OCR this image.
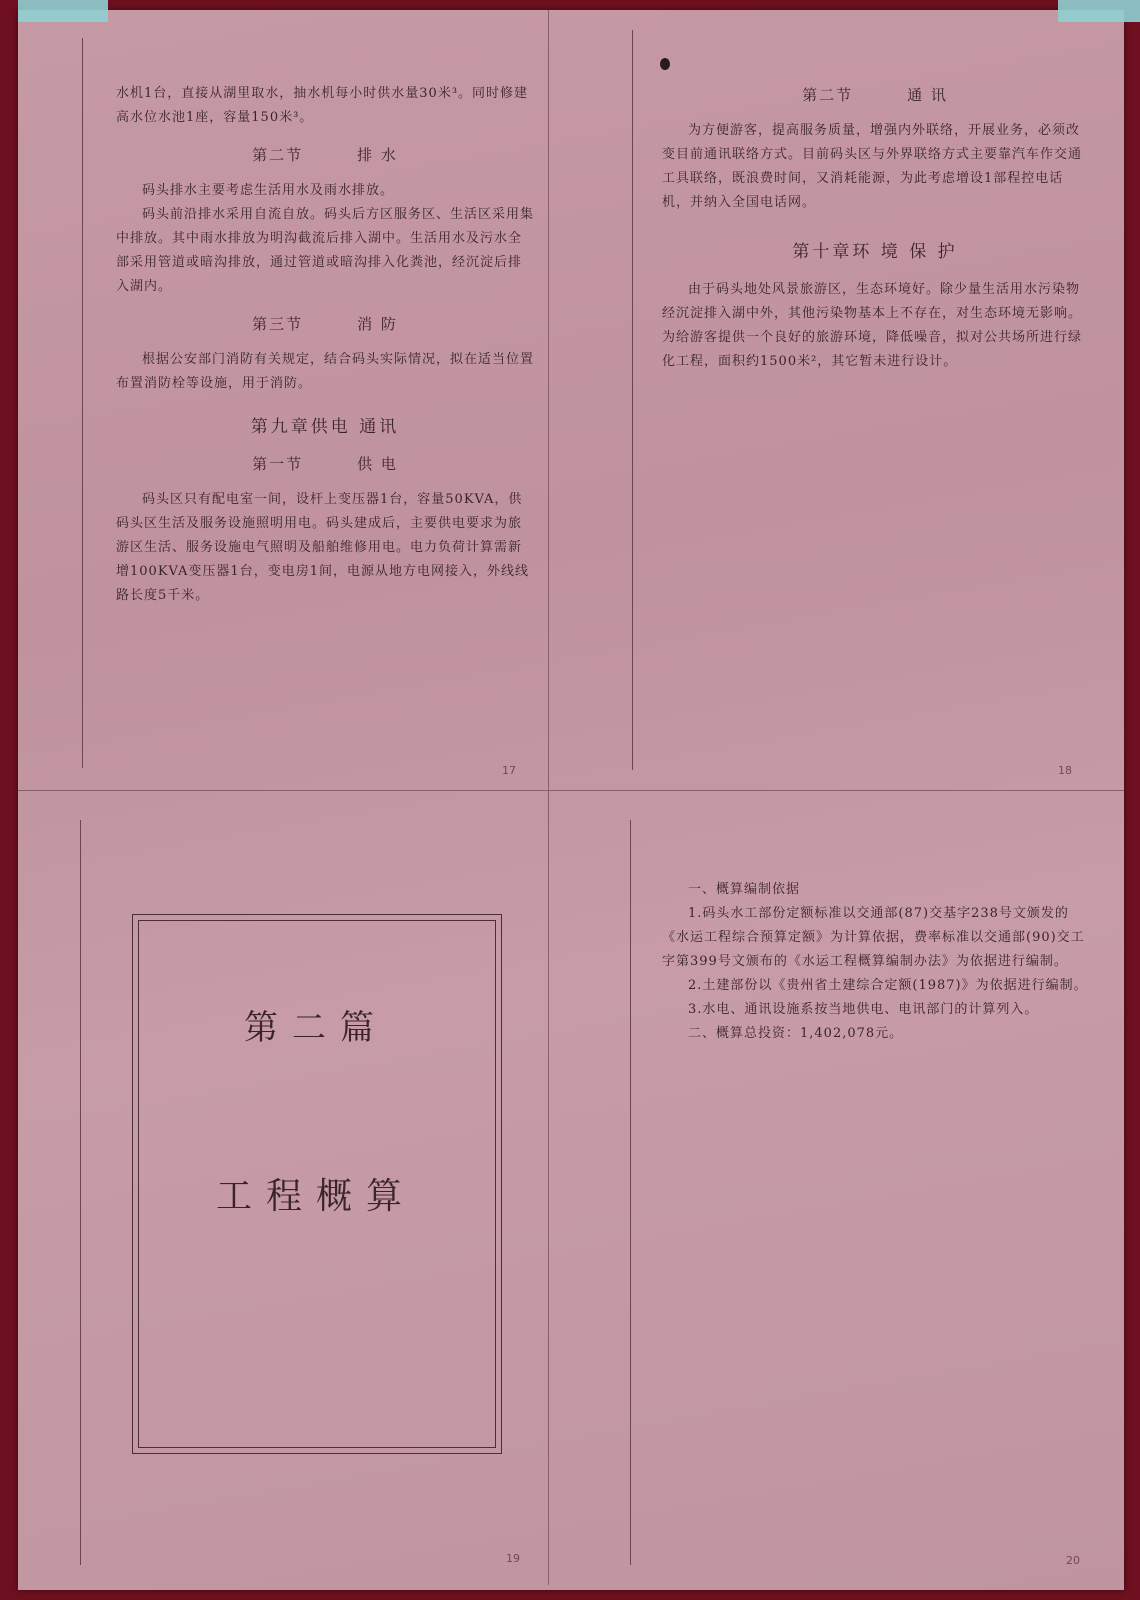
水机1台，直接从湖里取水，抽水机每小时供水量30米³。同时修建高水位水池1座，容量150米³。

第二节	排 水

码头排水主要考虑生活用水及雨水排放。

码头前沿排水采用自流自放。码头后方区服务区、生活区采用集中排放。其中雨水排放为明沟截流后排入湖中。生活用水及污水全部采用管道或暗沟排放，通过管道或暗沟排入化粪池，经沉淀后排入湖内。

第三节	消 防

根据公安部门消防有关规定，结合码头实际情况，拟在适当位置布置消防栓等设施，用于消防。

第九章供电 通讯
第一节	供 电

码头区只有配电室一间，设杆上变压器1台，容量50KVA，供码头区生活及服务设施照明用电。码头建成后，主要供电要求为旅游区生活、服务设施电气照明及船舶维修用电。电力负荷计算需新增100KVA变压器1台，变电房1间，电源从地方电网接入，外线线路长度5千米。

17
第二节	通 讯

为方便游客，提高服务质量，增强内外联络，开展业务，必须改变目前通讯联络方式。目前码头区与外界联络方式主要靠汽车作交通工具联络，既浪费时间，又消耗能源，为此考虑增设1部程控电话机，并纳入全国电话网。

第十章环 境 保 护

由于码头地处风景旅游区，生态环境好。除少量生活用水污染物经沉淀排入湖中外，其他污染物基本上不存在，对生态环境无影响。为给游客提供一个良好的旅游环境，降低噪音，拟对公共场所进行绿化工程，面积约1500米²，其它暂未进行设计。

18
第二篇
工程概算
19

一、概算编制依据

1.码头水工部份定额标准以交通部(87)交基字238号文颁发的《水运工程综合预算定额》为计算依据，费率标准以交通部(90)交工字第399号文颁布的《水运工程概算编制办法》为依据进行编制。

2.土建部份以《贵州省土建综合定额(1987)》为依据进行编制。

3.水电、通讯设施系按当地供电、电讯部门的计算列入。

二、概算总投资：1,402,078元。

20
